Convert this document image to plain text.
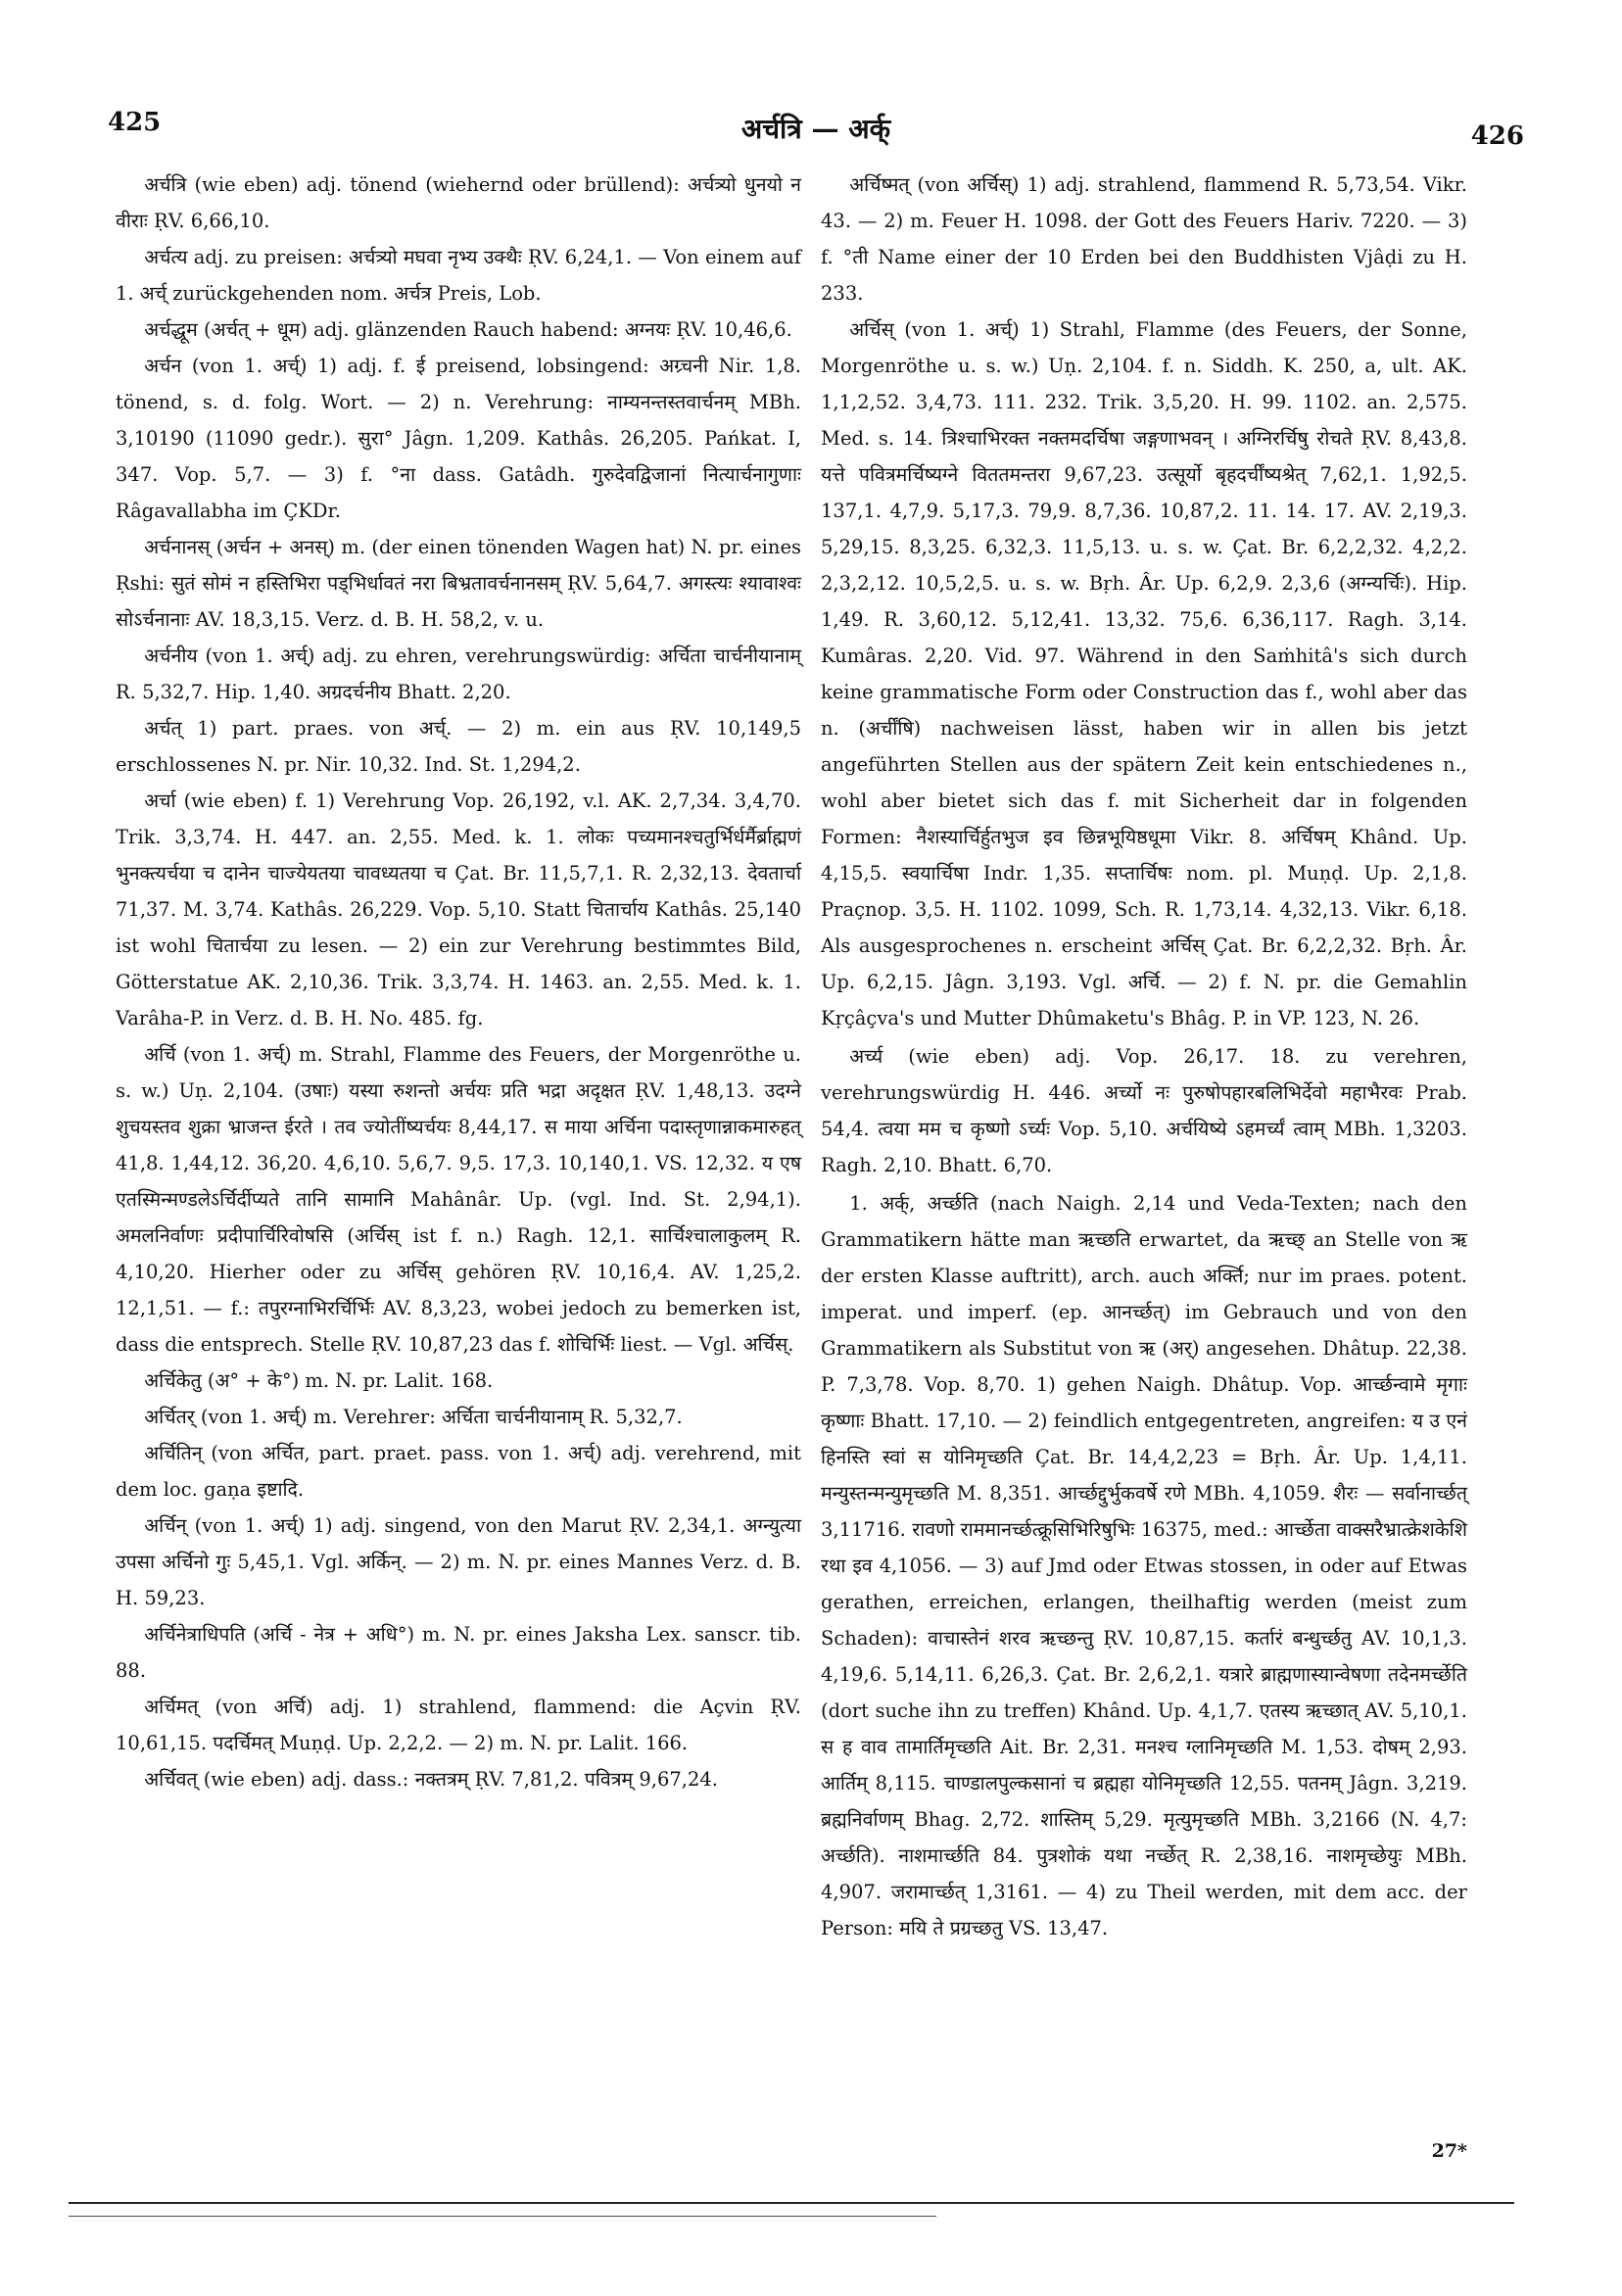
425	अर्चत्रि — अर्क्	426

अर्चत्रि (wie eben) adj. tönend (wiehernd oder brüllend): अर्चत्र्यो धुनयो न वीराः ṚV. 6,66,10.

अर्चत्य adj. zu preisen: अर्चत्र्यो मघवा नृभ्य उक्थैः ṚV. 6,24,1. — Von einem auf 1. अर्च् zurückgehenden nom. अर्चत्र Preis, Lob.

अर्चद्धूम (अर्चत् + धूम) adj. glänzenden Rauch habend: अग्नयः ṚV. 10,46,6.

अर्चन (von 1. अर्च्) 1) adj. f. ई preisend, lobsingend: अग्र्चनी Nir. 1,8. tönend, s. d. folg. Wort. — 2) n. Verehrung: नाम्यनन्तस्तवार्चनम् MBh. 3,10190 (11090 gedr.). सुरा° Jâgn. 1,209. Kathâs. 26,205. Pańkat. I, 347. Vop. 5,7. — 3) f. °ना dass. Gatâdh. गुरुदेवद्विजानां नित्यार्चनागुणाः Râgavallabha im ÇKDr.

अर्चनानस् (अर्चन + अनस्) m. (der einen tönenden Wagen hat) N. pr. eines Ṛshi: सुतं सोमं न हस्तिभिरा पड्भिर्धावतं नरा बिभ्रतावर्चनानसम् ṚV. 5,64,7. अगस्त्यः श्यावाश्वः सोऽर्चनानाः AV. 18,3,15. Verz. d. B. H. 58,2, v. u.

अर्चनीय (von 1. अर्च्) adj. zu ehren, verehrungswürdig: अर्चिता चार्चनीयानाम् R. 5,32,7. Hip. 1,40. अग्रदर्चनीय Bhatt. 2,20.

अर्चत् 1) part. praes. von अर्च्. — 2) m. ein aus ṚV. 10,149,5 erschlossenes N. pr. Nir. 10,32. Ind. St. 1,294,2.

अर्चा (wie eben) f. 1) Verehrung Vop. 26,192, v.l. AK. 2,7,34. 3,4,70. Trik. 3,3,74. H. 447. an. 2,55. Med. k. 1. लोकः पच्यमानश्चतुर्भिर्धर्मैर्ब्राह्मणं भुनक्त्यर्चया च दानेन चाज्येयतया चावध्यतया च Çat. Br. 11,5,7,1. R. 2,32,13. देवतार्चा 71,37. M. 3,74. Kathâs. 26,229. Vop. 5,10. Statt चितार्चाय Kathâs. 25,140 ist wohl चितार्चया zu lesen. — 2) ein zur Verehrung bestimmtes Bild, Götterstatue AK. 2,10,36. Trik. 3,3,74. H. 1463. an. 2,55. Med. k. 1. Varâha-P. in Verz. d. B. H. No. 485. fg.

अर्चि (von 1. अर्च्) m. Strahl, Flamme des Feuers, der Morgenröthe u. s. w.) Uṇ. 2,104. (उषाः) यस्या रुशन्तो अर्चयः प्रति भद्रा अदृक्षत ṚV. 1,48,13. उदग्ने शुचयस्तव शुक्रा भ्राजन्त ईरते । तव ज्योतींष्यर्चयः 8,44,17. स माया अर्चिना पदास्तृणान्नाकमारुहत् 41,8. 1,44,12. 36,20. 4,6,10. 5,6,7. 9,5. 17,3. 10,140,1. VS. 12,32. य एष एतस्मिन्मण्डलेऽर्चिर्दीप्यते तानि सामानि Mahânâr. Up. (vgl. Ind. St. 2,94,1). अमलनिर्वाणः प्रदीपार्चिरिवोषसि (अर्चिस् ist f. n.) Ragh. 12,1. सार्चिश्चालाकुलम् R. 4,10,20. Hierher oder zu अर्चिस् gehören ṚV. 10,16,4. AV. 1,25,2. 12,1,51. — f.: तपुरग्नाभिरर्चिर्भिः AV. 8,3,23, wobei jedoch zu bemerken ist, dass die entsprech. Stelle ṚV. 10,87,23 das f. शोचिर्भिः liest. — Vgl. अर्चिस्.

अर्चिकेतु (अ° + के°) m. N. pr. Lalit. 168.

अर्चितर् (von 1. अर्च्) m. Verehrer: अर्चिता चार्चनीयानाम् R. 5,32,7.

अर्चितिन् (von अर्चित, part. praet. pass. von 1. अर्च्) adj. verehrend, mit dem loc. gaṇa इष्टादि.

अर्चिन् (von 1. अर्च्) 1) adj. singend, von den Marut ṚV. 2,34,1. अग्न्युत्या उपसा अर्चिनो गुः 5,45,1. Vgl. अर्किन्. — 2) m. N. pr. eines Mannes Verz. d. B. H. 59,23.

अर्चिनेत्राधिपति (अर्चि - नेत्र + अधि°) m. N. pr. eines Jaksha Lex. sanscr. tib. 88.

अर्चिमत् (von अर्चि) adj. 1) strahlend, flammend: die Açvin ṚV. 10,61,15. पदर्चिमत् Muṇḍ. Up. 2,2,2. — 2) m. N. pr. Lalit. 166.

अर्चिवत् (wie eben) adj. dass.: नक्तत्रम् ṚV. 7,81,2. पवित्रम् 9,67,24.

अर्चिष्मत् (von अर्चिस्) 1) adj. strahlend, flammend R. 5,73,54. Vikr. 43. — 2) m. Feuer H. 1098. der Gott des Feuers Hariv. 7220. — 3) f. °ती Name einer der 10 Erden bei den Buddhisten Vjâḍi zu H. 233.

अर्चिस् (von 1. अर्च्) 1) Strahl, Flamme (des Feuers, der Sonne, Morgenröthe u. s. w.) Uṇ. 2,104. f. n. Siddh. K. 250, a, ult. AK. 1,1,2,52. 3,4,73. 111. 232. Trik. 3,5,20. H. 99. 1102. an. 2,575. Med. s. 14. त्रिश्चाभिरक्त नक्तमदर्चिषा जङ्गणाभवन् । अग्निरर्चिषु रोचते ṚV. 8,43,8. यत्ते पवित्रमर्चिष्यग्ने विततमन्तरा 9,67,23. उत्सूर्यो बृहदर्चींष्यश्रेत् 7,62,1. 1,92,5. 137,1. 4,7,9. 5,17,3. 79,9. 8,7,36. 10,87,2. 11. 14. 17. AV. 2,19,3. 5,29,15. 8,3,25. 6,32,3. 11,5,13. u. s. w. Çat. Br. 6,2,2,32. 4,2,2. 2,3,2,12. 10,5,2,5. u. s. w. Bṛh. Âr. Up. 6,2,9. 2,3,6 (अग्न्यर्चिः). Hip. 1,49. R. 3,60,12. 5,12,41. 13,32. 75,6. 6,36,117. Ragh. 3,14. Kumâras. 2,20. Vid. 97. Während in den Saṁhitâ's sich durch keine grammatische Form oder Construction das f., wohl aber das n. (अर्चींषि) nachweisen lässt, haben wir in allen bis jetzt angeführten Stellen aus der spätern Zeit kein entschiedenes n., wohl aber bietet sich das f. mit Sicherheit dar in folgenden Formen: नैशस्यार्चिर्हुतभुज इव छिन्नभूयिष्ठधूमा Vikr. 8. अर्चिषम् Khând. Up. 4,15,5. स्वयार्चिषा Indr. 1,35. सप्तार्चिषः nom. pl. Muṇḍ. Up. 2,1,8. Praçnop. 3,5. H. 1102. 1099, Sch. R. 1,73,14. 4,32,13. Vikr. 6,18. Als ausgesprochenes n. erscheint अर्चिस् Çat. Br. 6,2,2,32. Bṛh. Âr. Up. 6,2,15. Jâgn. 3,193. Vgl. अर्चि. — 2) f. N. pr. die Gemahlin Kṛçâçva's und Mutter Dhûmaketu's Bhâg. P. in VP. 123, N. 26.

अर्च्य (wie eben) adj. Vop. 26,17. 18. zu verehren, verehrungswürdig H. 446. अर्च्यो नः पुरुषोपहारबलिभिर्देवो महाभैरवः Prab. 54,4. त्वया मम च कृष्णो ऽर्च्यः Vop. 5,10. अर्चयिष्ये ऽहमर्च्यं त्वाम् MBh. 1,3203. Ragh. 2,10. Bhatt. 6,70.

1. अर्क्, अर्च्छति (nach Naigh. 2,14 und Veda-Texten; nach den Grammatikern hätte man ऋच्छति erwartet, da ऋच्छ् an Stelle von ऋ der ersten Klasse auftritt), arch. auch अर्क्ति; nur im praes. potent. imperat. und imperf. (ep. आनर्च्छत्) im Gebrauch und von den Grammatikern als Substitut von ऋ (अर्) angesehen. Dhâtup. 22,38. P. 7,3,78. Vop. 8,70. 1) gehen Naigh. Dhâtup. Vop. आर्च्छन्वामे मृगाः कृष्णाः Bhatt. 17,10. — 2) feindlich entgegentreten, angreifen: य उ एनं हिनस्ति स्वां स योनिमृच्छति Çat. Br. 14,4,2,23 = Bṛh. Âr. Up. 1,4,11. मन्युस्तन्मन्युमृच्छति M. 8,351. आर्च्छद्दुर्भुकवर्षे रणे MBh. 4,1059. शैरः — सर्वानार्च्छत् 3,11716. रावणो राममानर्च्छत्क्रूसिभिरिषुभिः 16375, med.: आर्च्छेता वाक्सरैभ्रात्क्रेशकेशि रथा इव 4,1056. — 3) auf Jmd oder Etwas stossen, in oder auf Etwas gerathen, erreichen, erlangen, theilhaftig werden (meist zum Schaden): वाचास्तेनं शरव ऋच्छन्तु ṚV. 10,87,15. कर्तारं बन्धुर्च्छतु AV. 10,1,3. 4,19,6. 5,14,11. 6,26,3. Çat. Br. 2,6,2,1. यत्रारे ब्राह्मणास्यान्वेषणा तदेनमर्च्छेति (dort suche ihn zu treffen) Khând. Up. 4,1,7. एतस्य ऋच्छात् AV. 5,10,1. स ह वाव तामार्तिमृच्छति Ait. Br. 2,31. मनश्च ग्लानिमृच्छति M. 1,53. दोषम् 2,93. आर्तिम् 8,115. चाण्डालपुल्कसानां च ब्रह्महा योनिमृच्छति 12,55. पतनम् Jâgn. 3,219. ब्रह्मनिर्वाणम् Bhag. 2,72. शास्तिम् 5,29. मृत्युमृच्छति MBh. 3,2166 (N. 4,7: अर्च्छति). नाशमार्च्छति 84. पुत्रशोकं यथा नर्च्छेत् R. 2,38,16. नाशमृच्छेयुः MBh. 4,907. जरामार्च्छत् 1,3161. — 4) zu Theil werden, mit dem acc. der Person: मयि ते प्रग्रच्छतु VS. 13,47.

27*
